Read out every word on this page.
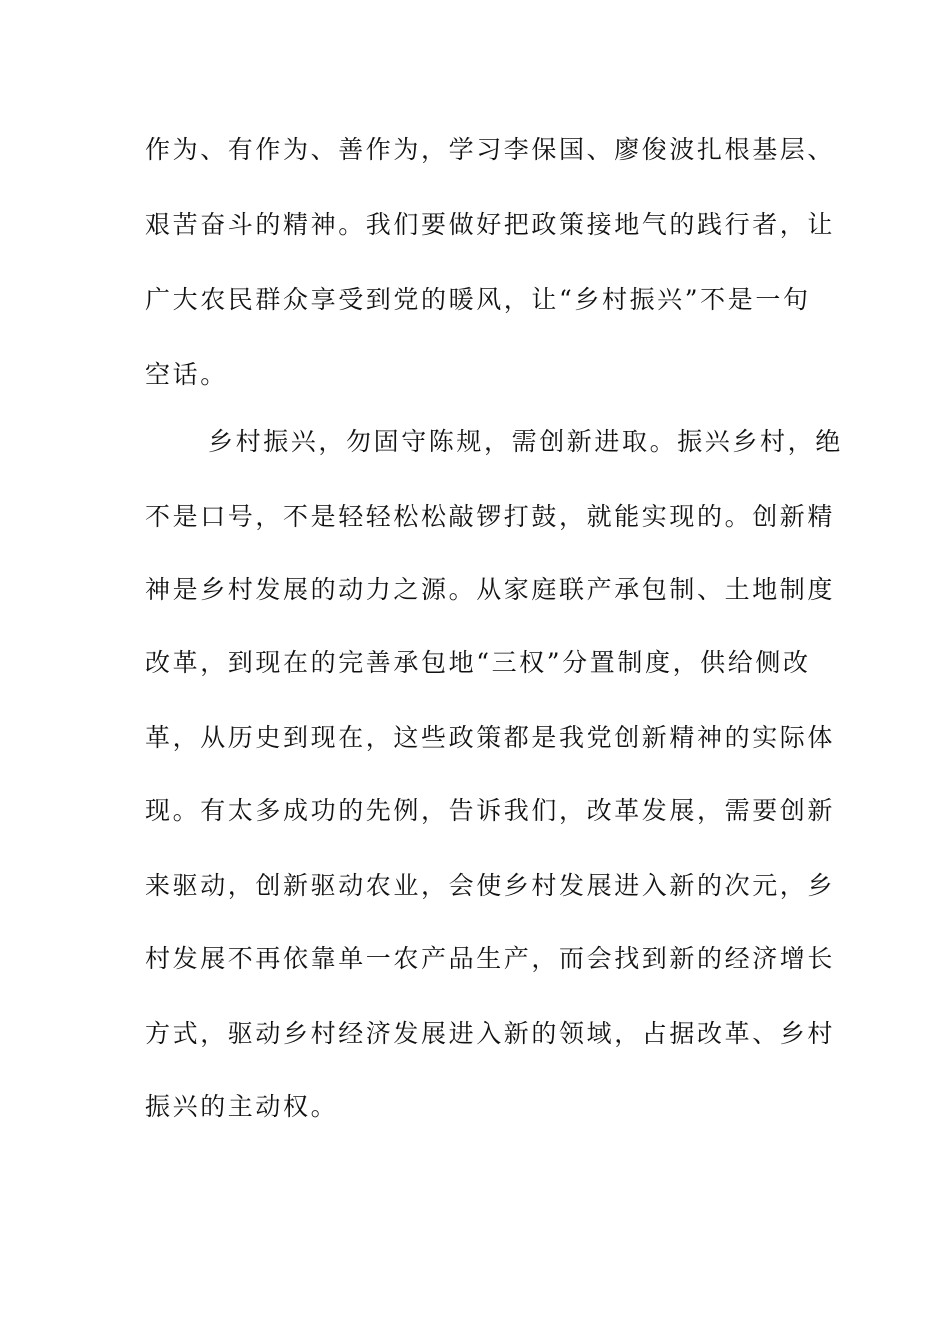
作为、有作为、善作为，学习李保国、廖俊波扎根基层、
艰苦奋斗的精神。我们要做好把政策接地气的践行者，让
广大农民群众享受到党的暖风，让“乡村振兴”不是一句
空话。
乡村振兴，勿固守陈规，需创新进取。振兴乡村，绝
不是口号，不是轻轻松松敲锣打鼓，就能实现的。创新精
神是乡村发展的动力之源。从家庭联产承包制、土地制度
改革，到现在的完善承包地“三权”分置制度，供给侧改
革，从历史到现在，这些政策都是我党创新精神的实际体
现。有太多成功的先例，告诉我们，改革发展，需要创新
来驱动，创新驱动农业，会使乡村发展进入新的次元，乡
村发展不再依靠单一农产品生产，而会找到新的经济增长
方式，驱动乡村经济发展进入新的领域，占据改革、乡村
振兴的主动权。
